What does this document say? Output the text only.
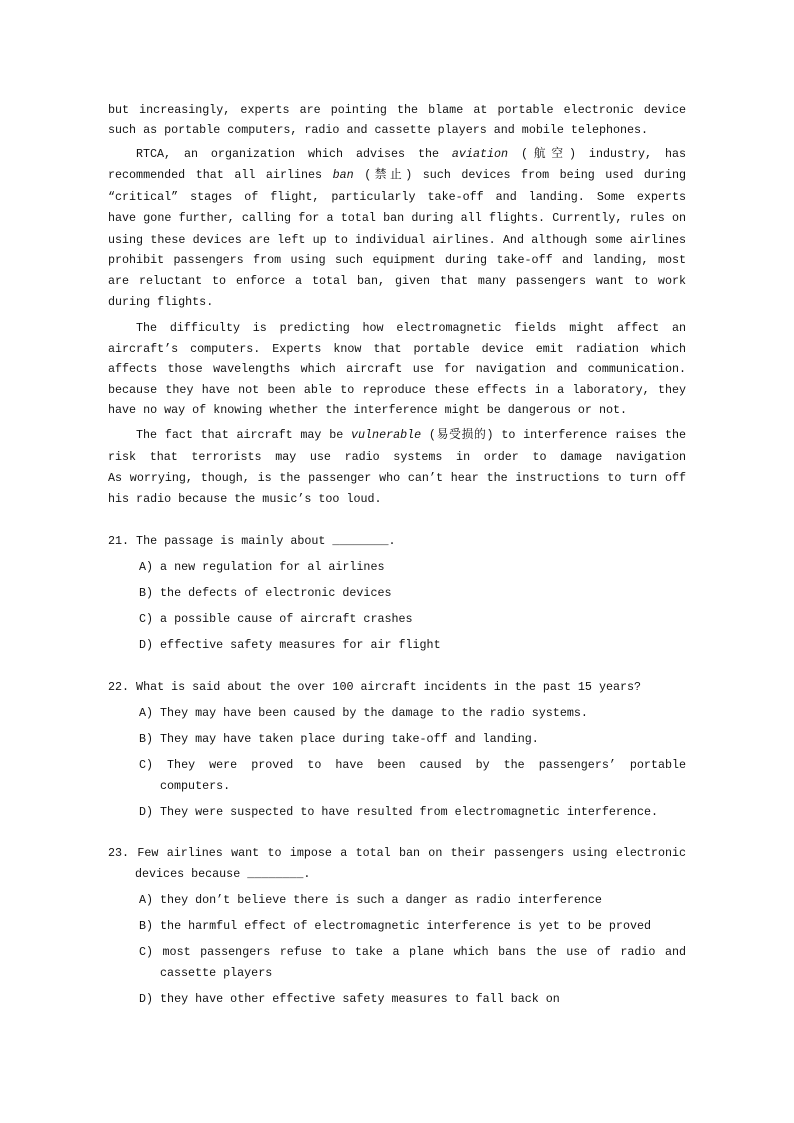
but increasingly, experts are pointing the blame at portable electronic device
such as portable computers, radio and cassette players and mobile telephones.
RTCA, an organization which advises the aviation (航空) industry, has
recommended that all airlines ban (禁止) such devices from being used during
“critical” stages of flight, particularly take-off and landing. Some experts
have gone further, calling for a total ban during all flights. Currently, rules on
using these devices are left up to individual airlines. And although some airlines
prohibit passengers from using such equipment during take-off and landing, most
are reluctant to enforce a total ban, given that many passengers want to work
during flights.
The difficulty is predicting how electromagnetic fields might affect an
aircraft’s computers. Experts know that portable device emit radiation which
affects those wavelengths which aircraft use for navigation and communication.
because they have not been able to reproduce these effects in a laboratory, they
have no way of knowing whether the interference might be dangerous or not.
The fact that aircraft may be vulnerable (易受损的) to interference raises the
risk that terrorists may use radio systems in order to damage navigation
As worrying, though, is the passenger who can’t hear the instructions to turn off
his radio because the music’s too loud.
21. The passage is mainly about ________.
A) a new regulation for al airlines
B) the defects of electronic devices
C) a possible cause of aircraft crashes
D) effective safety measures for air flight
22. What is said about the over 100 aircraft incidents in the past 15 years?
A) They may have been caused by the damage to the radio systems.
B) They may have taken place during take-off and landing.
C) They were proved to have been caused by the passengers’ portable
computers.
D) They were suspected to have resulted from electromagnetic interference.
23. Few airlines want to impose a total ban on their passengers using electronic
devices because ________.
A) they don’t believe there is such a danger as radio interference
B) the harmful effect of electromagnetic interference is yet to be proved
C) most passengers refuse to take a plane which bans the use of radio and
cassette players
D) they have other effective safety measures to fall back on
